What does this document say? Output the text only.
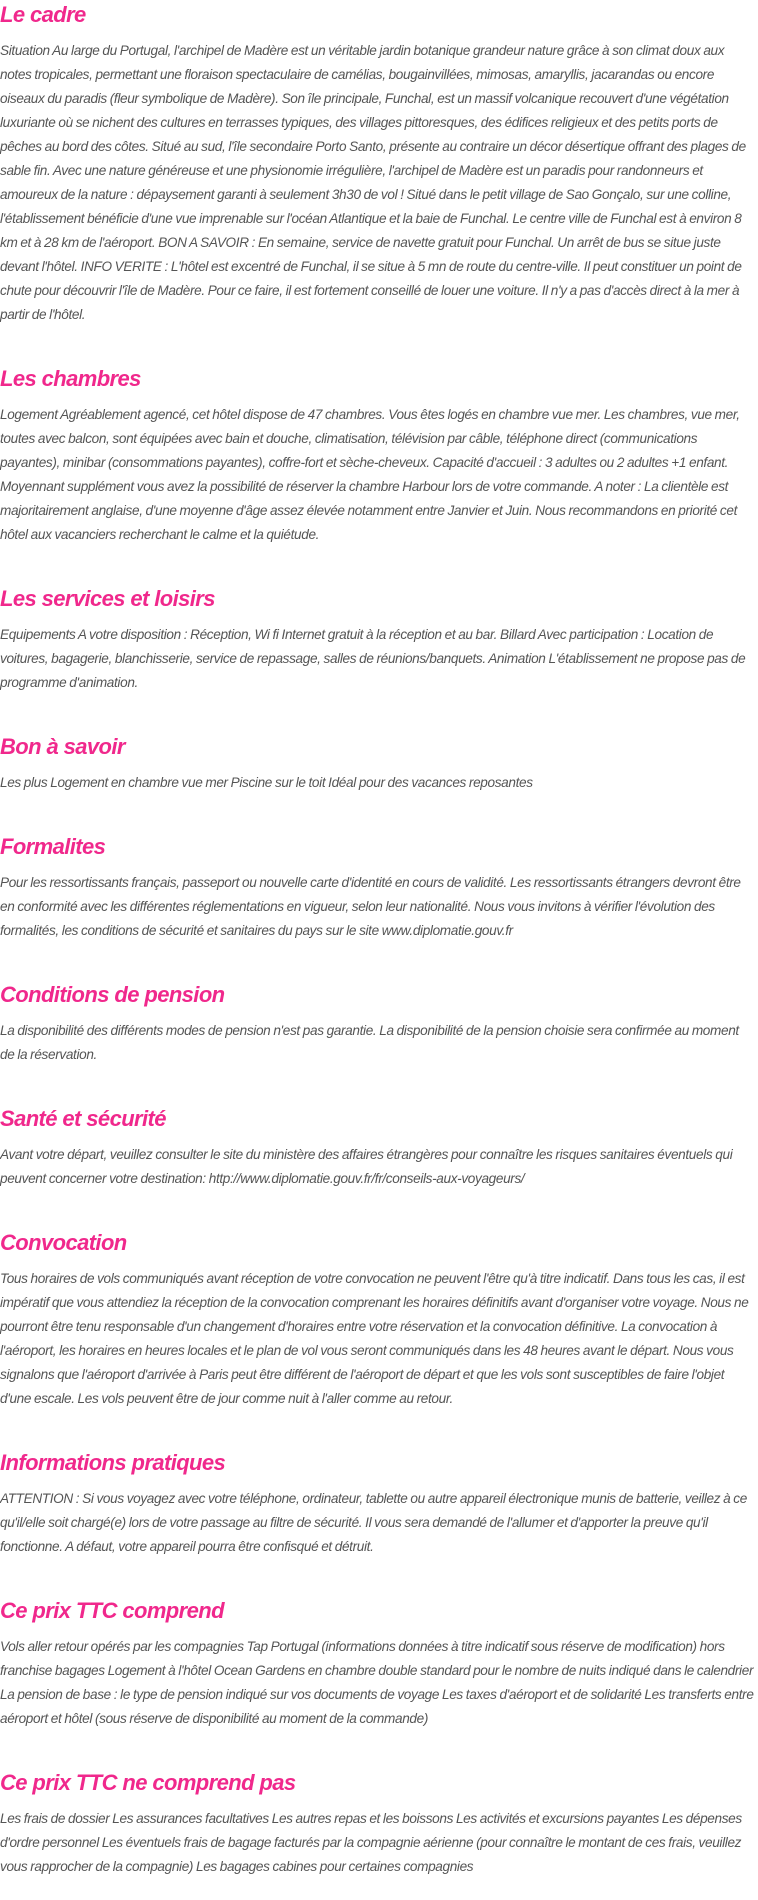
Le cadre

Situation Au large du Portugal, l'archipel de Madère est un véritable jardin botanique grandeur nature grâce à son climat doux aux notes tropicales, permettant une floraison spectaculaire de camélias, bougainvillées, mimosas, amaryllis, jacarandas ou encore oiseaux du paradis (fleur symbolique de Madère). Son île principale, Funchal, est un massif volcanique recouvert d'une végétation luxuriante où se nichent des cultures en terrasses typiques, des villages pittoresques, des édifices religieux et des petits ports de pêches au bord des côtes. Situé au sud, l'île secondaire Porto Santo, présente au contraire un décor désertique offrant des plages de sable fin. Avec une nature généreuse et une physionomie irrégulière, l'archipel de Madère est un paradis pour randonneurs et amoureux de la nature : dépaysement garanti à seulement 3h30 de vol ! Situé dans le petit village de Sao Gonçalo, sur une colline, l'établissement bénéficie d'une vue imprenable sur l'océan Atlantique et la baie de Funchal. Le centre ville de Funchal est à environ 8 km et à 28 km de l'aéroport. BON A SAVOIR : En semaine, service de navette gratuit pour Funchal. Un arrêt de bus se situe juste devant l'hôtel. INFO VERITE : L'hôtel est excentré de Funchal, il se situe à 5 mn de route du centre-ville. Il peut constituer un point de chute pour découvrir l'île de Madère. Pour ce faire, il est fortement conseillé de louer une voiture. Il n'y a pas d'accès direct à la mer à partir de l'hôtel.

Les chambres

Logement Agréablement agencé, cet hôtel dispose de 47 chambres. Vous êtes logés en chambre vue mer. Les chambres, vue mer, toutes avec balcon, sont équipées avec bain et douche, climatisation, télévision par câble, téléphone direct (communications payantes), minibar (consommations payantes), coffre-fort et sèche-cheveux. Capacité d'accueil : 3 adultes ou 2 adultes +1 enfant. Moyennant supplément vous avez la possibilité de réserver la chambre Harbour lors de votre commande. A noter : La clientèle est majoritairement anglaise, d'une moyenne d'âge assez élevée notamment entre Janvier et Juin. Nous recommandons en priorité cet hôtel aux vacanciers recherchant le calme et la quiétude.

Les services et loisirs

Equipements A votre disposition : Réception, Wi fi Internet gratuit à la réception et au bar. Billard Avec participation : Location de voitures, bagagerie, blanchisserie, service de repassage, salles de réunions/banquets. Animation L'établissement ne propose pas de programme d'animation.

Bon à savoir

Les plus Logement en chambre vue mer Piscine sur le toit Idéal pour des vacances reposantes

Formalites

Pour les ressortissants français, passeport ou nouvelle carte d'identité en cours de validité. Les ressortissants étrangers devront être en conformité avec les différentes réglementations en vigueur, selon leur nationalité. Nous vous invitons à vérifier l'évolution des formalités, les conditions de sécurité et sanitaires du pays sur le site www.diplomatie.gouv.fr

Conditions de pension

La disponibilité des différents modes de pension n'est pas garantie. La disponibilité de la pension choisie sera confirmée au moment de la réservation.

Santé et sécurité

Avant votre départ, veuillez consulter le site du ministère des affaires étrangères pour connaître les risques sanitaires éventuels qui peuvent concerner votre destination: http://www.diplomatie.gouv.fr/fr/conseils-aux-voyageurs/

Convocation

Tous horaires de vols communiqués avant réception de votre convocation ne peuvent l'être qu'à titre indicatif. Dans tous les cas, il est impératif que vous attendiez la réception de la convocation comprenant les horaires définitifs avant d'organiser votre voyage. Nous ne pourront être tenu responsable d'un changement d'horaires entre votre réservation et la convocation définitive. La convocation à l'aéroport, les horaires en heures locales et le plan de vol vous seront communiqués dans les 48 heures avant le départ. Nous vous signalons que l'aéroport d'arrivée à Paris peut être différent de l'aéroport de départ et que les vols sont susceptibles de faire l'objet d'une escale. Les vols peuvent être de jour comme nuit à l'aller comme au retour.

Informations pratiques

ATTENTION : Si vous voyagez avec votre téléphone, ordinateur, tablette ou autre appareil électronique munis de batterie, veillez à ce qu'il/elle soit chargé(e) lors de votre passage au filtre de sécurité. Il vous sera demandé de l'allumer et d'apporter la preuve qu'il fonctionne. A défaut, votre appareil pourra être confisqué et détruit.

Ce prix TTC comprend

Vols aller retour opérés par les compagnies Tap Portugal (informations données à titre indicatif sous réserve de modification) hors franchise bagages Logement à l'hôtel Ocean Gardens en chambre double standard pour le nombre de nuits indiqué dans le calendrier La pension de base : le type de pension indiqué sur vos documents de voyage Les taxes d'aéroport et de solidarité Les transferts entre aéroport et hôtel (sous réserve de disponibilité au moment de la commande)

Ce prix TTC ne comprend pas

Les frais de dossier Les assurances facultatives Les autres repas et les boissons Les activités et excursions payantes Les dépenses d'ordre personnel Les éventuels frais de bagage facturés par la compagnie aérienne (pour connaître le montant de ces frais, veuillez vous rapprocher de la compagnie) Les bagages cabines pour certaines compagnies
